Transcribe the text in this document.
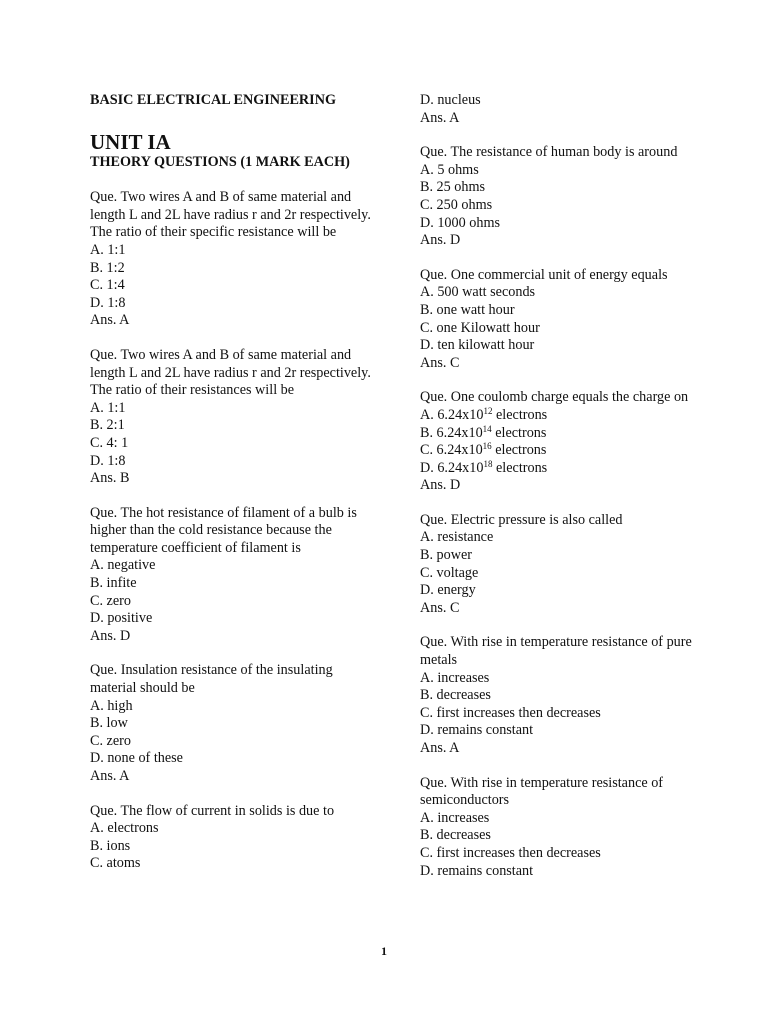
BASIC ELECTRICAL ENGINEERING
UNIT IA
THEORY QUESTIONS (1 MARK EACH)

Que. Two wires A and B of same material and length L and 2L have radius r and 2r respectively. The ratio of their specific resistance will be

A. 1:1

B. 1:2

C. 1:4

D. 1:8

Ans. A

Que. Two wires A and B of same material and length L and 2L have radius r and 2r respectively. The ratio of their resistances will be

A. 1:1

B. 2:1

C. 4: 1

D. 1:8

Ans. B

Que. The hot resistance of filament of a bulb is higher than the cold resistance because the temperature coefficient of filament is

A. negative

B. infite

C. zero

D. positive

Ans. D

Que. Insulation resistance of the insulating material should be

A. high

B. low

C. zero

D. none of these

Ans. A

Que. The flow of current in solids is due to

A. electrons

B. ions

C. atoms

D. nucleus

Ans. A

Que. The resistance of human body is around

A. 5 ohms

B. 25 ohms

C. 250 ohms

D. 1000 ohms

Ans. D

Que. One commercial unit of energy equals

A. 500 watt seconds

B. one watt hour

C. one Kilowatt hour

D. ten kilowatt hour

Ans. C

Que. One coulomb charge equals the charge on

A. $6.24x10^{12}$ electrons

B. $6.24x10^{14}$ electrons

C. $6.24x10^{16}$ electrons

D. $6.24x10^{18}$ electrons

Ans. D

Que. Electric pressure is also called

A. resistance

B. power

C. voltage

D. energy

Ans. C

Que. With rise in temperature resistance of pure metals

A. increases

B. decreases

C. first increases then decreases

D. remains constant

Ans. A

Que. With rise in temperature resistance of semiconductors

A. increases

B. decreases

C. first increases then decreases

D. remains constant

1
